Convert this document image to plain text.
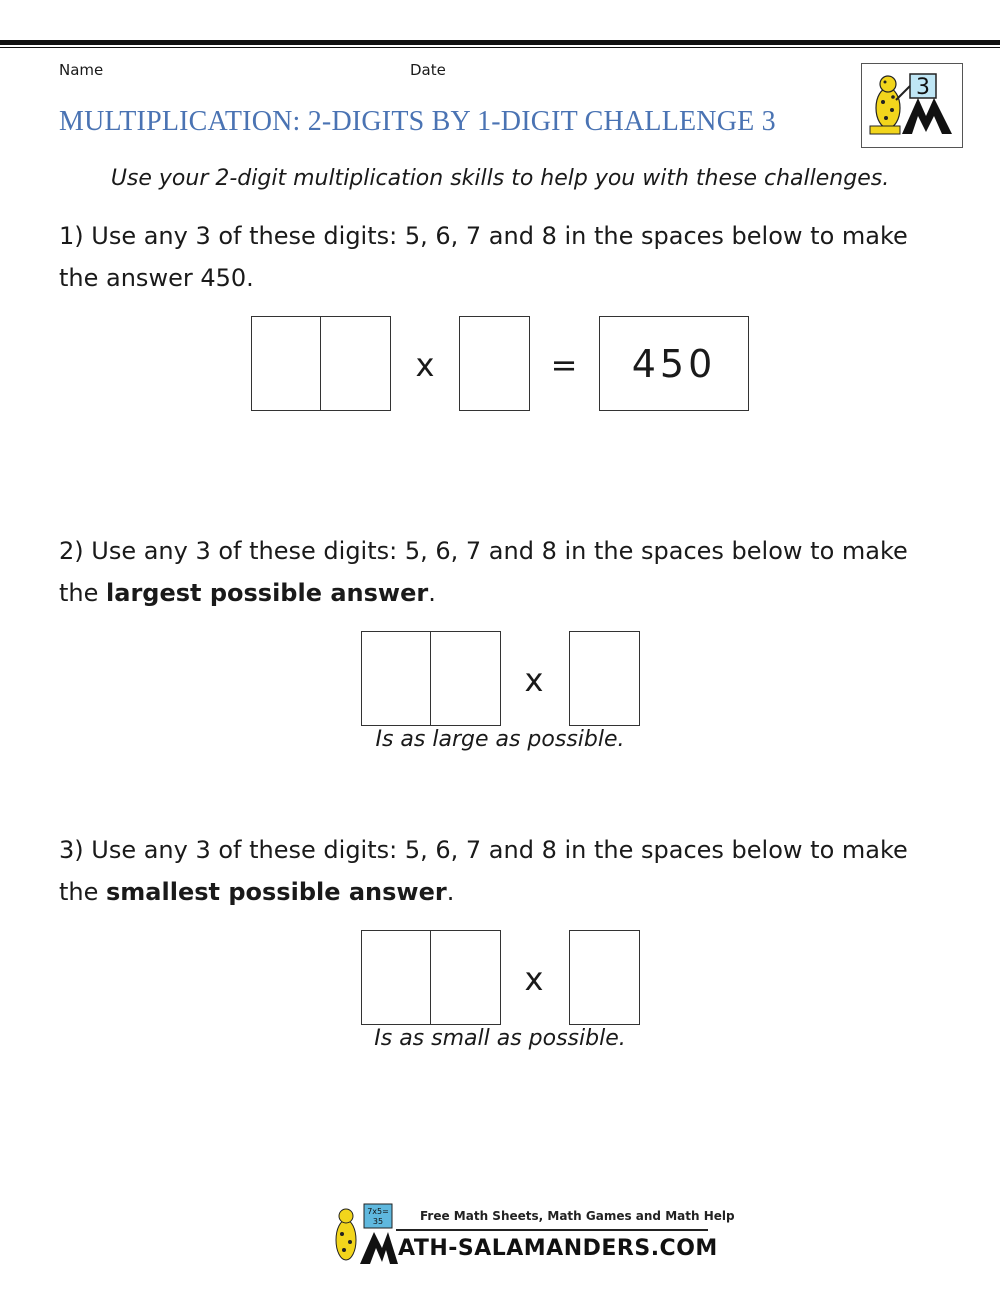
Name	Date
MULTIPLICATION: 2-DIGITS BY 1-DIGIT CHALLENGE 3
3
Use your 2-digit multiplication skills to help you with these challenges.
1) Use any 3 of these digits: 5, 6, 7 and 8 in the spaces below to make the answer 450.
x	=	450
2) Use any 3 of these digits: 5, 6, 7 and 8 in the spaces below to make the largest possible answer.
x
Is as large as possible.
3) Use any 3 of these digits: 5, 6, 7 and 8 in the spaces below to make the smallest possible answer.
x
Is as small as possible.
7x5=
35	Free Math Sheets, Math Games and Math Help
ATH-SALAMANDERS.COM
